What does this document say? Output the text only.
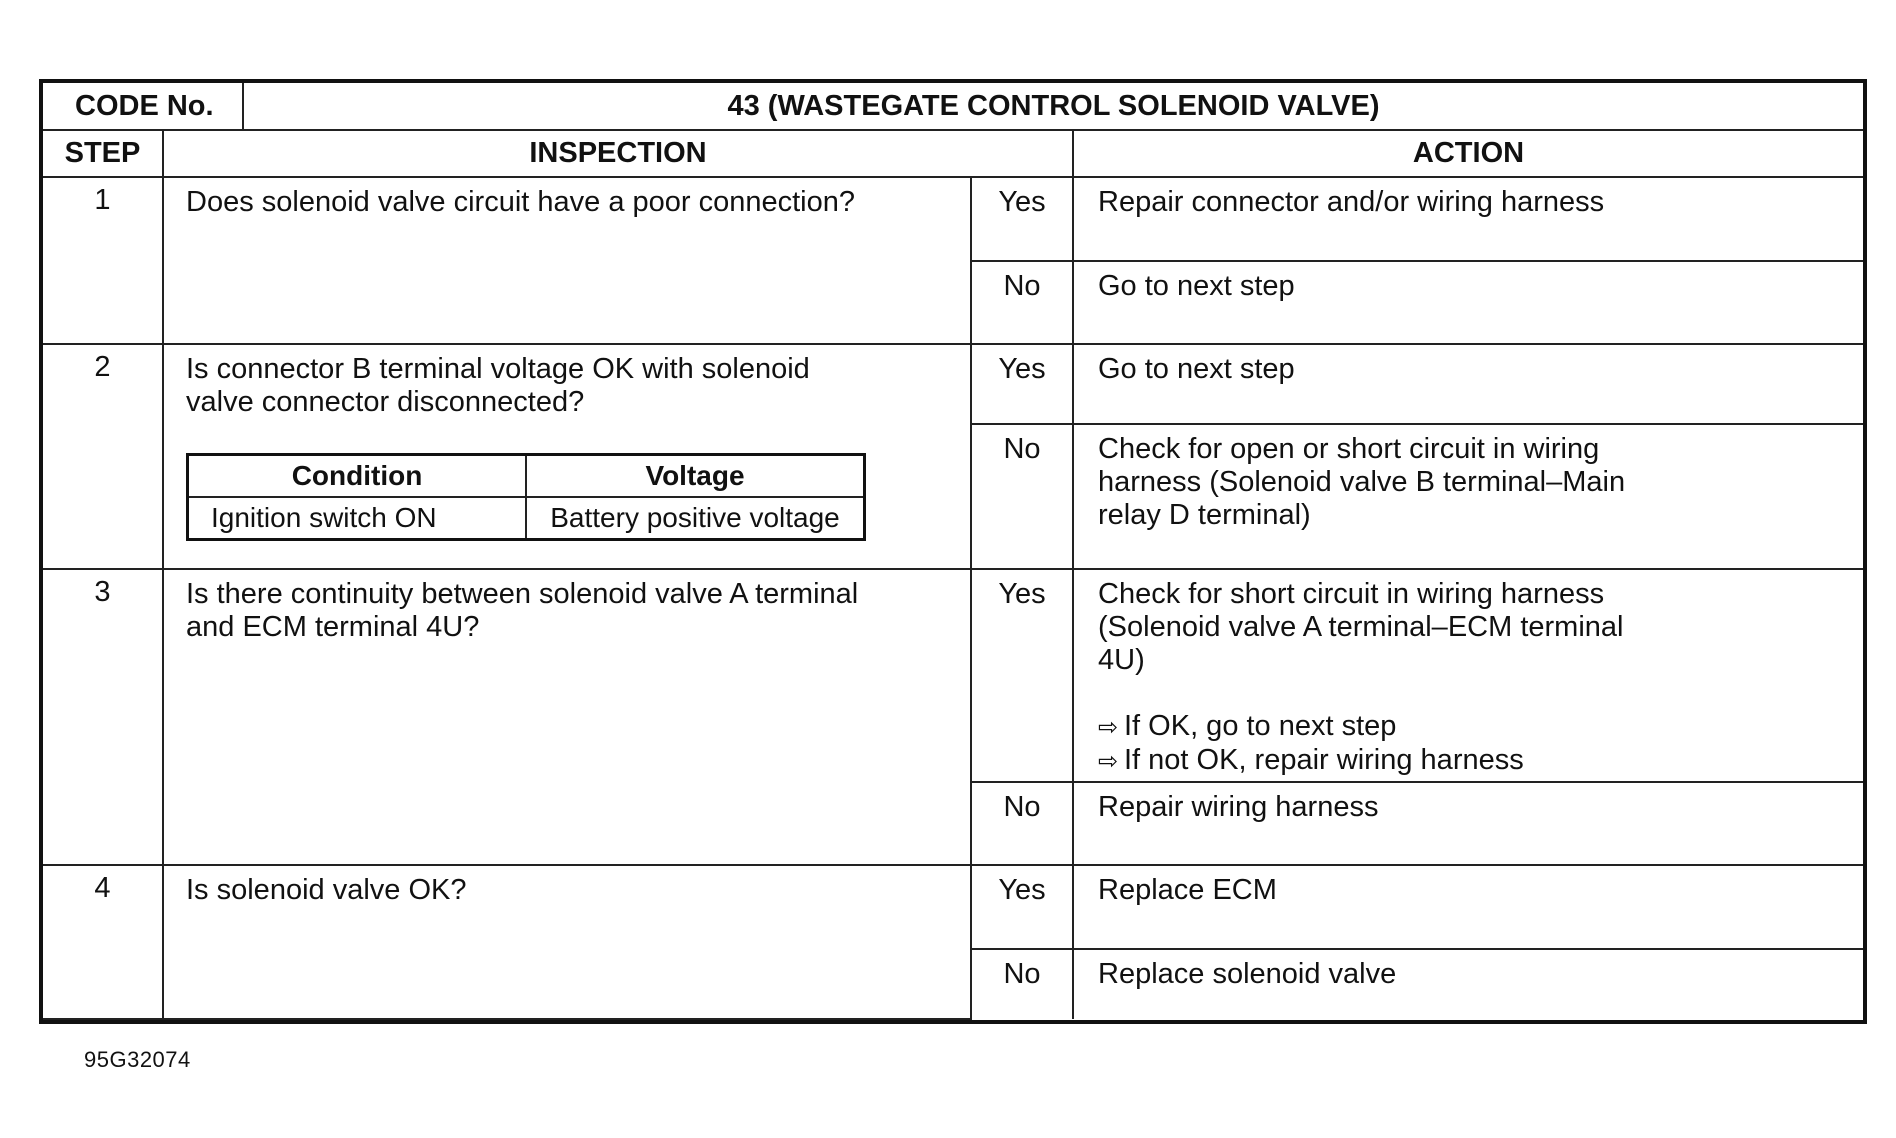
CODE No.	43 (WASTEGATE CONTROL SOLENOID VALVE)
STEP	INSPECTION	ACTION
1	Does solenoid valve circuit have a poor connection?	Yes	Repair connector and/or wiring harness

No	Go to next step

2	Is connector B terminal voltage OK with solenoid valve connector disconnected?
Condition	Voltage
Ignition switch ON	Battery positive voltage
	Yes	Go to next step

No	Check for open or short circuit in wiring harness (Solenoid valve B terminal–Main relay D terminal)

3	Is there continuity between solenoid valve A terminal and ECM terminal 4U?
	Yes	Check for short circuit in wiring harness (Solenoid valve A terminal–ECM terminal 4U)
⇨ If OK, go to next step
⇨ If not OK, repair wiring harness

No	Repair wiring harness

4	Is solenoid valve OK?	Yes	Replace ECM

No	Replace solenoid valve
95G32074
